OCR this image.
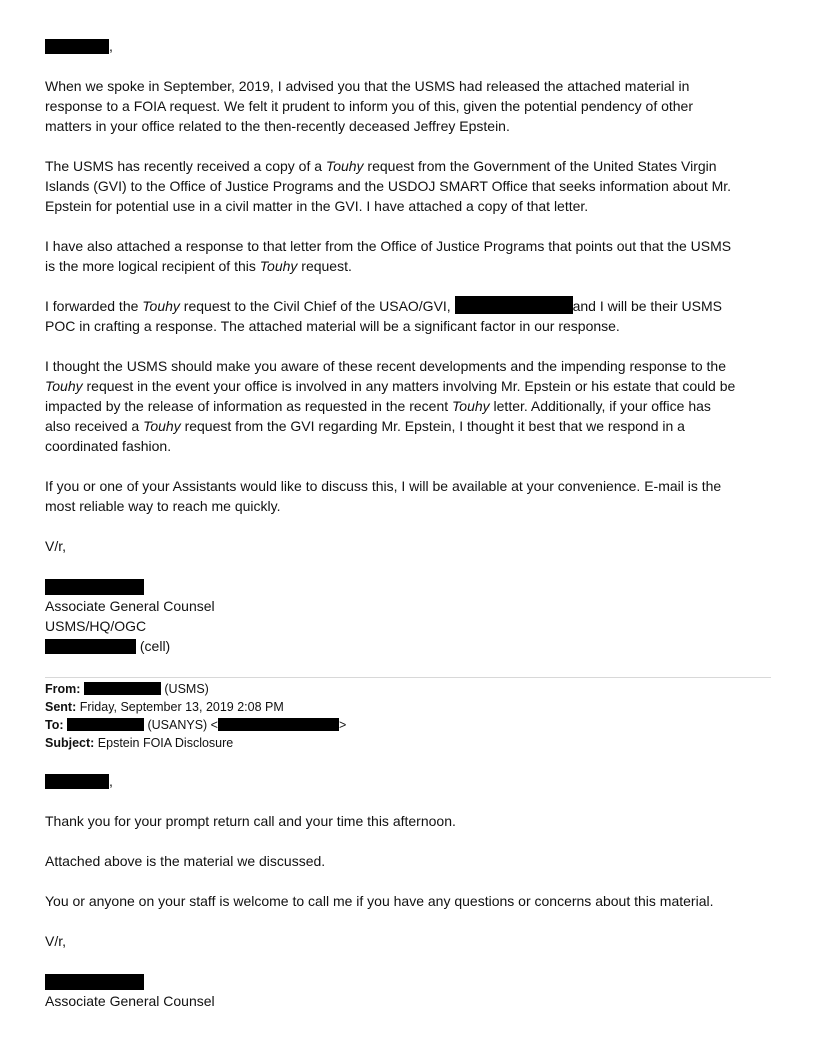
,
When we spoke in September, 2019, I advised you that the USMS had released the attached material in
response to a FOIA request. We felt it prudent to inform you of this, given the potential pendency of other
matters in your office related to the then-recently deceased Jeffrey Epstein.
The USMS has recently received a copy of a Touhy request from the Government of the United States Virgin
Islands (GVI) to the Office of Justice Programs and the USDOJ SMART Office that seeks information about Mr.
Epstein for potential use in a civil matter in the GVI. I have attached a copy of that letter.
I have also attached a response to that letter from the Office of Justice Programs that points out that the USMS
is the more logical recipient of this Touhy request.
I forwarded the Touhy request to the Civil Chief of the USAO/GVI,	and I will be their USMS
POC in crafting a response. The attached material will be a significant factor in our response.
I thought the USMS should make you aware of these recent developments and the impending response to the
Touhy request in the event your office is involved in any matters involving Mr. Epstein or his estate that could be
impacted by the release of information as requested in the recent Touhy letter. Additionally, if your office has
also received a Touhy request from the GVI regarding Mr. Epstein, I thought it best that we respond in a
coordinated fashion.
If you or one of your Assistants would like to discuss this, I will be available at your convenience. E-mail is the
most reliable way to reach me quickly.
V/r,
Associate General Counsel
USMS/HQ/OGC
(cell)
From:	(USMS)
Sent: Friday, September 13, 2019 2:08 PM
To:	(USANYS) <	>
Subject: Epstein FOIA Disclosure
,
Thank you for your prompt return call and your time this afternoon.
Attached above is the material we discussed.
You or anyone on your staff is welcome to call me if you have any questions or concerns about this material.
V/r,
Associate General Counsel
